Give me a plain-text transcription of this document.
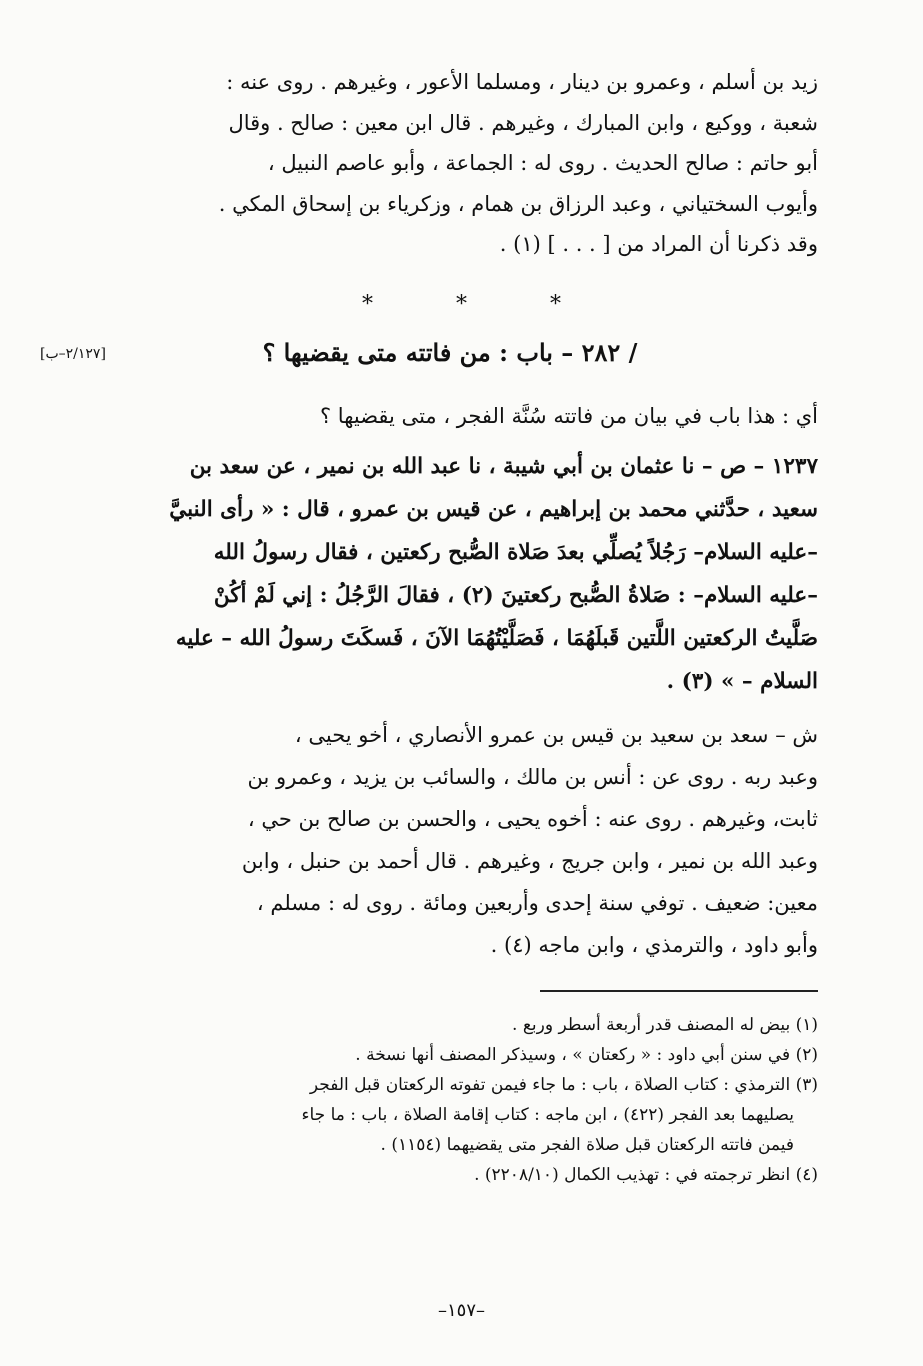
زيد بن أسلم ، وعمرو بن دينار ، ومسلما الأعور ، وغيرهم . روى عنه :
شعبة ، ووكيع ، وابن المبارك ، وغيرهم . قال ابن معين : صالح . وقال
أبو حاتم : صالح الحديث . روى له : الجماعة ، وأبو عاصم النبيل ،
وأيوب السختياني ، وعبد الرزاق بن همام ، وزكرياء بن إسحاق المكي .
وقد ذكرنا أن المراد من [ . . . ] (١) .
* * *
/ ٢٨٢ – باب : من فاتته متى يقضيها ؟
[٢/١٢٧–ب]
أي : هذا باب في بيان من فاتته سُنَّة الفجر ، متى يقضيها ؟
١٢٣٧ – ص – نا عثمان بن أبي شيبة ، نا عبد الله بن نمير ، عن سعد بن
سعيد ، حدَّثني محمد بن إبراهيم ، عن قيس بن عمرو ، قال : « رأى النبيَّ
–عليه السلام– رَجُلاً يُصلِّي بعدَ صَلاة الصُّبح ركعتين ، فقال رسولُ الله
–عليه السلام– : صَلاةُ الصُّبح ركعتينَ (٢) ، فقالَ الرَّجُلُ : إني لَمْ أكُنْ
صَلَّيتُ الركعتين اللَّتين قَبلَهُمَا ، فَصَلَّيْتُهُمَا الآنَ ، فَسكَتَ رسولُ الله – عليه
السلام – » (٣) .
ش – سعد بن سعيد بن قيس بن عمرو الأنصاري ، أخو يحيى ،
وعبد ربه . روى عن : أنس بن مالك ، والسائب بن يزيد ، وعمرو بن
ثابت، وغيرهم . روى عنه : أخوه يحيى ، والحسن بن صالح بن حي ،
وعبد الله بن نمير ، وابن جريج ، وغيرهم . قال أحمد بن حنبل ، وابن
معين: ضعيف . توفي سنة إحدى وأربعين ومائة . روى له : مسلم ،
وأبو داود ، والترمذي ، وابن ماجه (٤) .
(١) بيض له المصنف قدر أربعة أسطر وربع .
(٢) في سنن أبي داود : « ركعتان » ، وسيذكر المصنف أنها نسخة .
(٣) الترمذي : كتاب الصلاة ، باب : ما جاء فيمن تفوته الركعتان قبل الفجر
يصليهما بعد الفجر (٤٢٢) ، ابن ماجه : كتاب إقامة الصلاة ، باب : ما جاء
فيمن فاتته الركعتان قبل صلاة الفجر متى يقضيهما (١١٥٤) .
(٤) انظر ترجمته في : تهذيب الكمال (٢٢٠٨/١٠) .
–١٥٧–
